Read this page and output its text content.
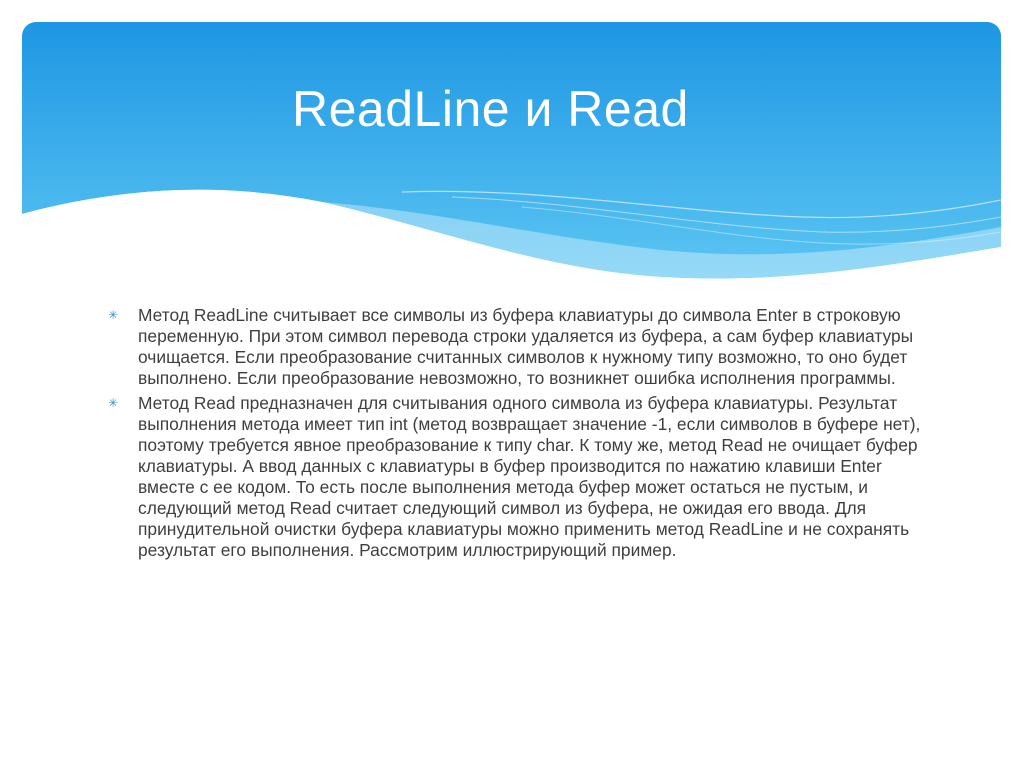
ReadLine и Read
✳ Метод ReadLine считывает все символы из буфера клавиатуры до символа Enter в строковую переменную. При этом символ перевода строки удаляется из буфера, а сам буфер клавиатуры очищается. Если преобразование считанных символов к нужному типу возможно, то оно будет выполнено. Если преобразование невозможно, то возникнет ошибка исполнения программы.
✳ Метод Read предназначен для считывания одного символа из буфера клавиатуры. Результат выполнения метода имеет тип int (метод возвращает значение -1, если символов в буфере нет), поэтому требуется явное преобразование к типу char. К тому же, метод Read не очищает буфер клавиатуры. А ввод данных с клавиатуры в буфер производится по нажатию клавиши Enter вместе с ее кодом. То есть после выполнения метода буфер может остаться не пустым, и следующий метод Read считает следующий символ из буфера, не ожидая его ввода. Для принудительной очистки буфера клавиатуры можно применить метод ReadLine и не сохранять результат его выполнения. Рассмотрим иллюстрирующий пример.
